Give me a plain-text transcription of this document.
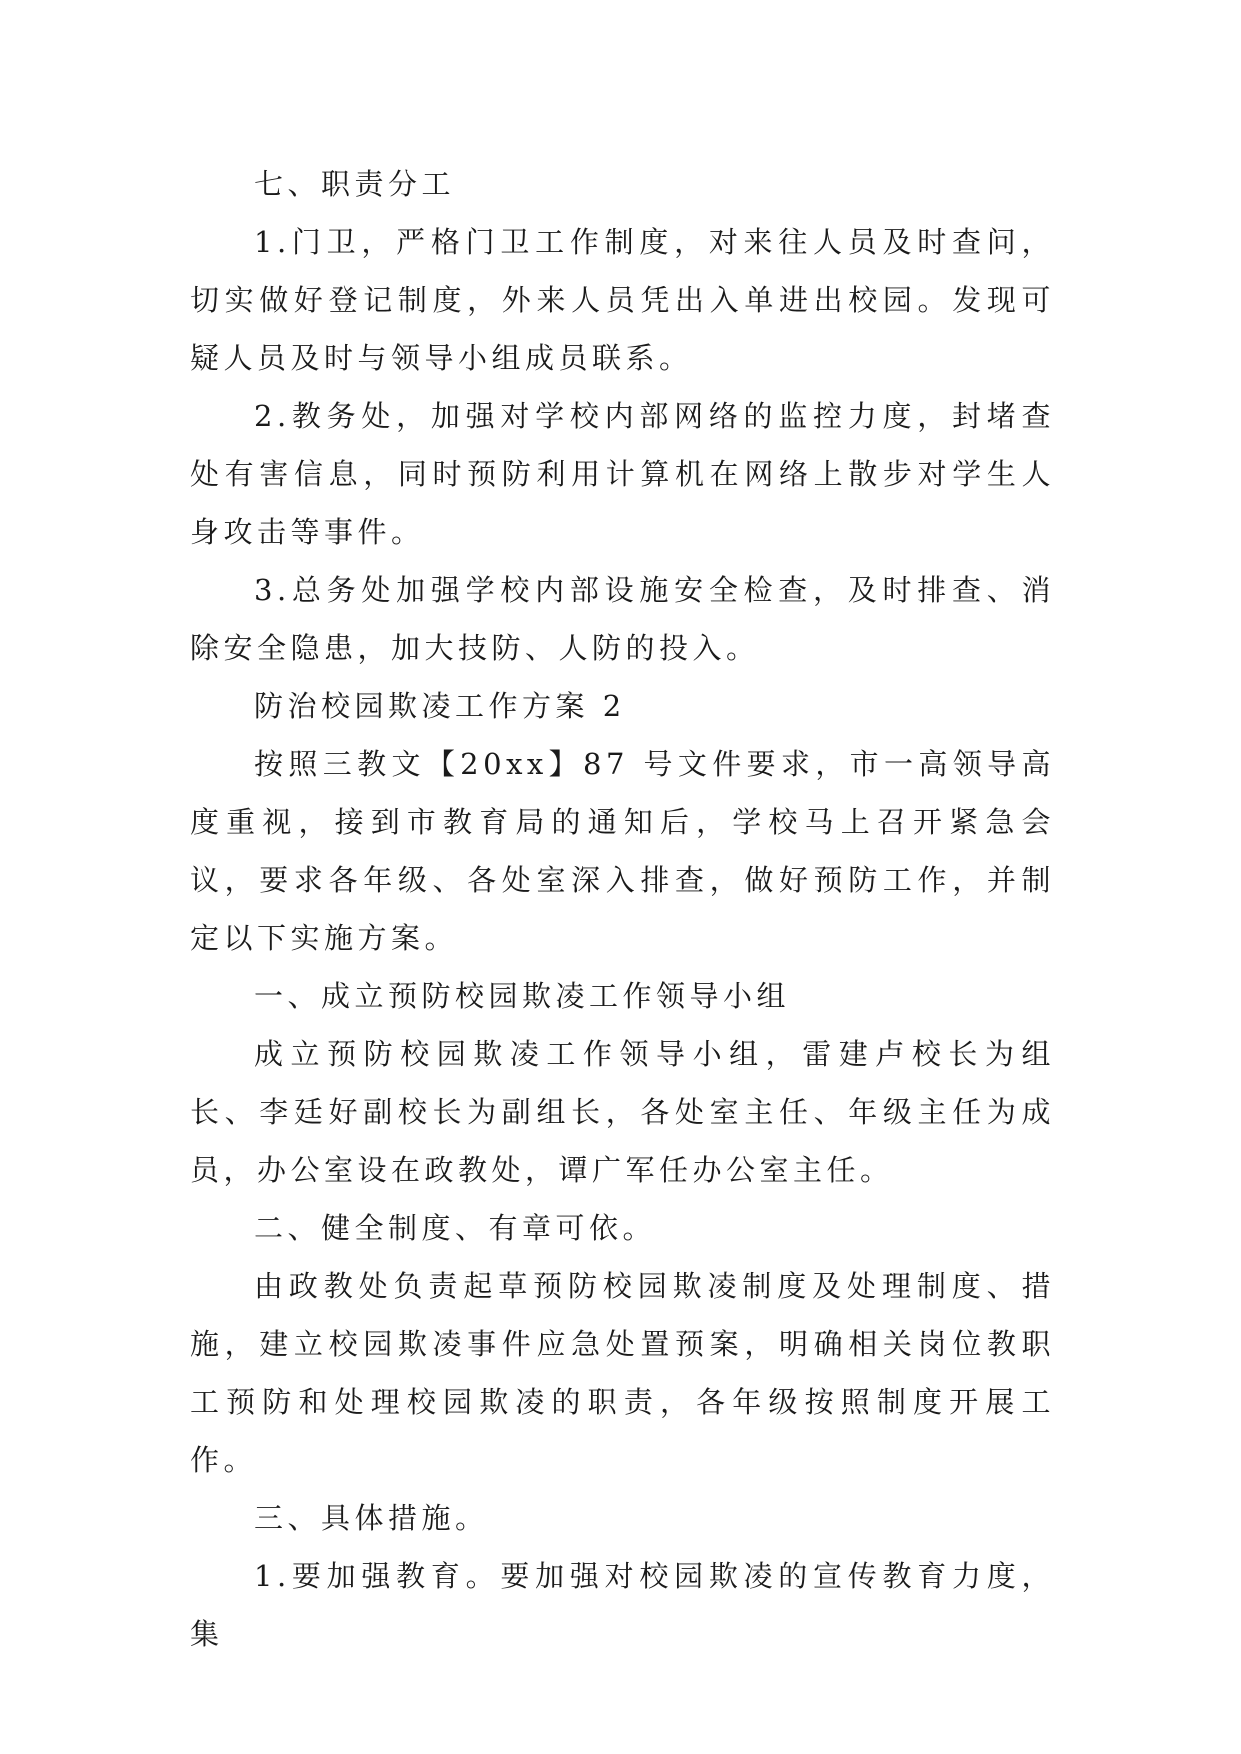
七、职责分工

1.门卫，严格门卫工作制度，对来往人员及时查问，切实做好登记制度，外来人员凭出入单进出校园。发现可疑人员及时与领导小组成员联系。

2.教务处，加强对学校内部网络的监控力度，封堵查处有害信息，同时预防利用计算机在网络上散步对学生人身攻击等事件。

3.总务处加强学校内部设施安全检查，及时排查、消除安全隐患，加大技防、人防的投入。

防治校园欺凌工作方案 2

按照三教文【20xx】87 号文件要求，市一高领导高度重视，接到市教育局的通知后，学校马上召开紧急会议，要求各年级、各处室深入排查，做好预防工作，并制定以下实施方案。

一、成立预防校园欺凌工作领导小组

成立预防校园欺凌工作领导小组，雷建卢校长为组长、李廷好副校长为副组长，各处室主任、年级主任为成员，办公室设在政教处，谭广军任办公室主任。

二、健全制度、有章可依。

由政教处负责起草预防校园欺凌制度及处理制度、措施，建立校园欺凌事件应急处置预案，明确相关岗位教职工预防和处理校园欺凌的职责，各年级按照制度开展工作。

三、具体措施。

1.要加强教育。要加强对校园欺凌的宣传教育力度，集
